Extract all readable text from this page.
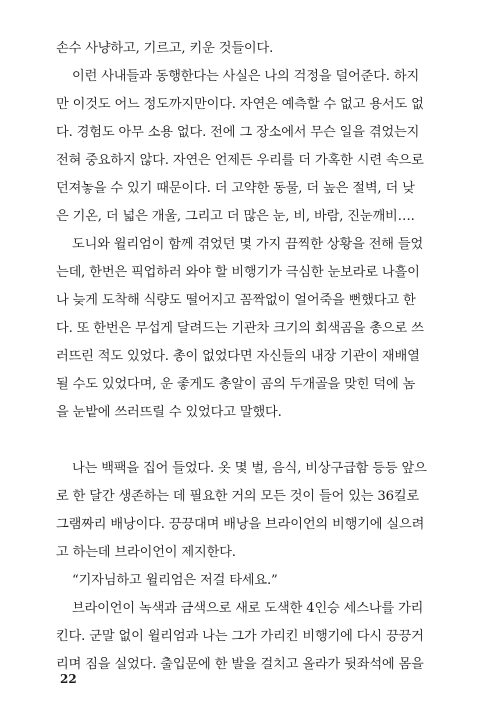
손수 사냥하고, 기르고, 키운 것들이다.
이런 사내들과 동행한다는 사실은 나의 걱정을 덜어준다. 하지
만 이것도 어느 정도까지만이다. 자연은 예측할 수 없고 용서도 없
다. 경험도 아무 소용 없다. 전에 그 장소에서 무슨 일을 겪었는지
전혀 중요하지 않다. 자연은 언제든 우리를 더 가혹한 시련 속으로
던져놓을 수 있기 때문이다. 더 고약한 동물, 더 높은 절벽, 더 낮
은 기온, 더 넓은 개울, 그리고 더 많은 눈, 비, 바람, 진눈깨비….
도니와 윌리엄이 함께 겪었던 몇 가지 끔찍한 상황을 전해 들었
는데, 한번은 픽업하러 와야 할 비행기가 극심한 눈보라로 나흘이
나 늦게 도착해 식량도 떨어지고 꼼짝없이 얼어죽을 뻔했다고 한
다. 또 한번은 무섭게 달려드는 기관차 크기의 회색곰을 총으로 쓰
러뜨린 적도 있었다. 총이 없었다면 자신들의 내장 기관이 재배열
될 수도 있었다며, 운 좋게도 총알이 곰의 두개골을 맞힌 덕에 놈
을 눈밭에 쓰러뜨릴 수 있었다고 말했다.
나는 백팩을 집어 들었다. 옷 몇 벌, 음식, 비상구급함 등등 앞으
로 한 달간 생존하는 데 필요한 거의 모든 것이 들어 있는 36킬로
그램짜리 배낭이다. 끙끙대며 배낭을 브라이언의 비행기에 실으려
고 하는데 브라이언이 제지한다.
“기자님하고 윌리엄은 저걸 타세요.”
브라이언이 녹색과 금색으로 새로 도색한 4인승 세스나를 가리
킨다. 군말 없이 윌리엄과 나는 그가 가리킨 비행기에 다시 끙끙거
리며 짐을 실었다. 출입문에 한 발을 걸치고 올라가 뒷좌석에 몸을
22
